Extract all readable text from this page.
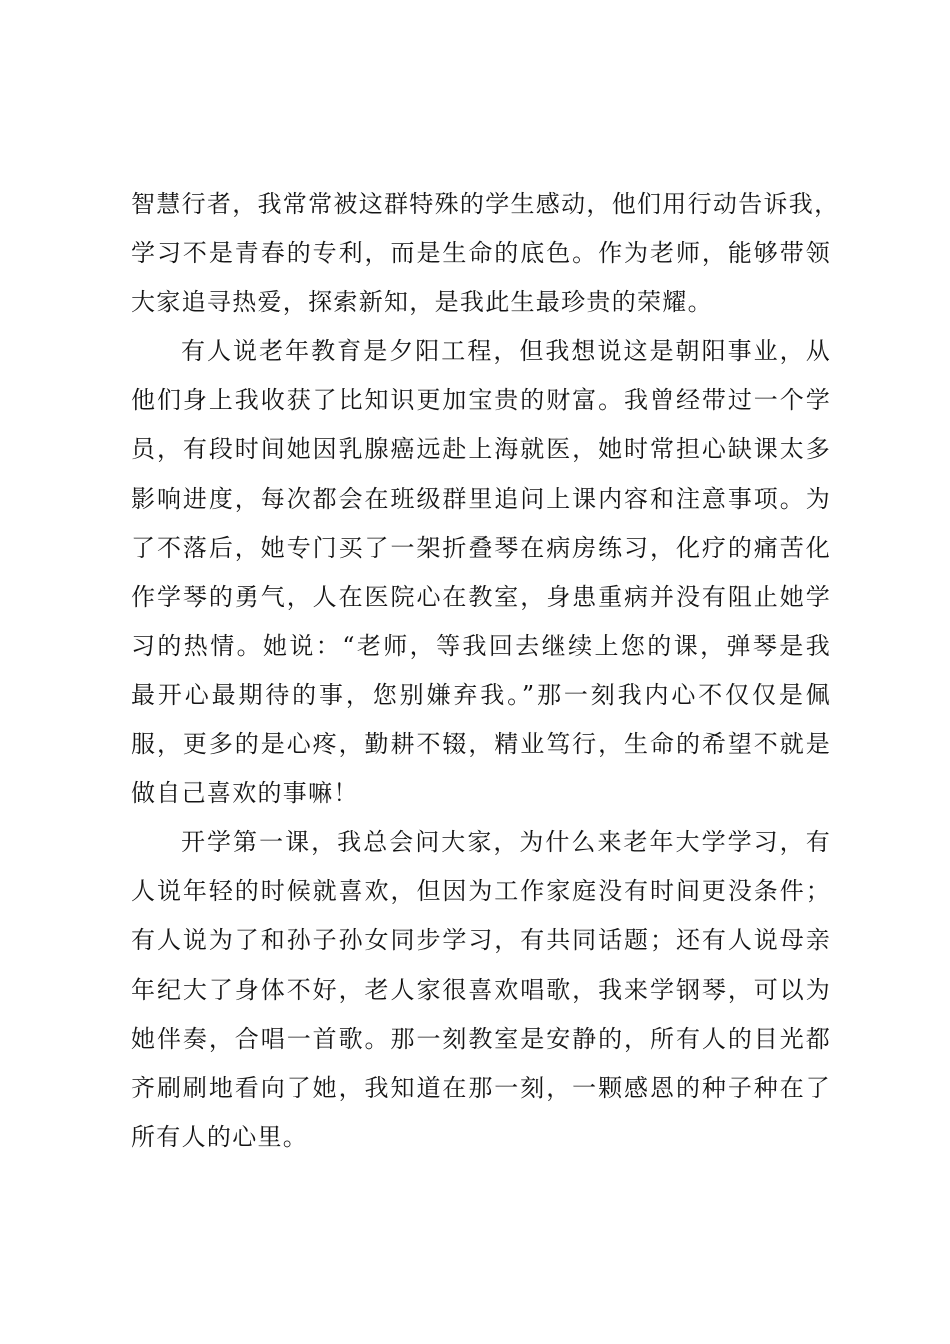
智慧行者，我常常被这群特殊的学生感动，他们用行动告诉我，
学习不是青春的专利，而是生命的底色。作为老师，能够带领
大家追寻热爱，探索新知，是我此生最珍贵的荣耀。
有人说老年教育是夕阳工程，但我想说这是朝阳事业，从
他们身上我收获了比知识更加宝贵的财富。我曾经带过一个学
员，有段时间她因乳腺癌远赴上海就医，她时常担心缺课太多
影响进度，每次都会在班级群里追问上课内容和注意事项。为
了不落后，她专门买了一架折叠琴在病房练习，化疗的痛苦化
作学琴的勇气，人在医院心在教室，身患重病并没有阻止她学
习的热情。她说：“老师，等我回去继续上您的课，弹琴是我
最开心最期待的事，您别嫌弃我。”那一刻我内心不仅仅是佩
服，更多的是心疼，勤耕不辍，精业笃行，生命的希望不就是
做自己喜欢的事嘛！
开学第一课，我总会问大家，为什么来老年大学学习，有
人说年轻的时候就喜欢，但因为工作家庭没有时间更没条件；
有人说为了和孙子孙女同步学习，有共同话题；还有人说母亲
年纪大了身体不好，老人家很喜欢唱歌，我来学钢琴，可以为
她伴奏，合唱一首歌。那一刻教室是安静的，所有人的目光都
齐刷刷地看向了她，我知道在那一刻，一颗感恩的种子种在了
所有人的心里。
